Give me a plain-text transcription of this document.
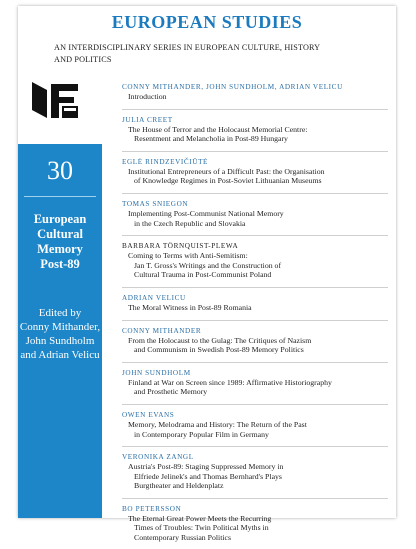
EUROPEAN STUDIES
AN INTERDISCIPLINARY SERIES IN EUROPEAN CULTURE, HISTORY
AND POLITICS
30
European
Cultural
Memory
Post-89
Edited by
Conny Mithander,
John Sundholm
and Adrian Velicu
CONNY MITHANDER, JOHN SUNDHOLM, ADRIAN VELICU
Introduction
JULIA CREET
The House of Terror and the Holocaust Memorial Centre:
Resentment and Melancholia in Post-89 Hungary
EGLĖ RINDZEVIČIŪTĖ
Institutional Entrepreneurs of a Difficult Past: the Organisation
of Knowledge Regimes in Post-Soviet Lithuanian Museums
TOMAS SNIEGON
Implementing Post-Communist National Memory
in the Czech Republic and Slovakia
BARBARA TÖRNQUIST-PLEWA
Coming to Terms with Anti-Semitism:
Jan T. Gross's Writings and the Construction of
Cultural Trauma in Post-Communist Poland
ADRIAN VELICU
The Moral Witness in Post-89 Romania
CONNY MITHANDER
From the Holocaust to the Gulag: The Critiques of Nazism
and Communism in Swedish Post-89 Memory Politics
JOHN SUNDHOLM
Finland at War on Screen since 1989: Affirmative Historiography
and Prosthetic Memory
OWEN EVANS
Memory, Melodrama and History: The Return of the Past
in Contemporary Popular Film in Germany
VERONIKA ZANGL
Austria's Post-89: Staging Suppressed Memory in
Elfriede Jelinek's and Thomas Bernhard's Plays
Burgtheater and Heldenplatz
BO PETERSSON
The Eternal Great Power Meets the Recurring
Times of Troubles: Twin Political Myths in
Contemporary Russian Politics
